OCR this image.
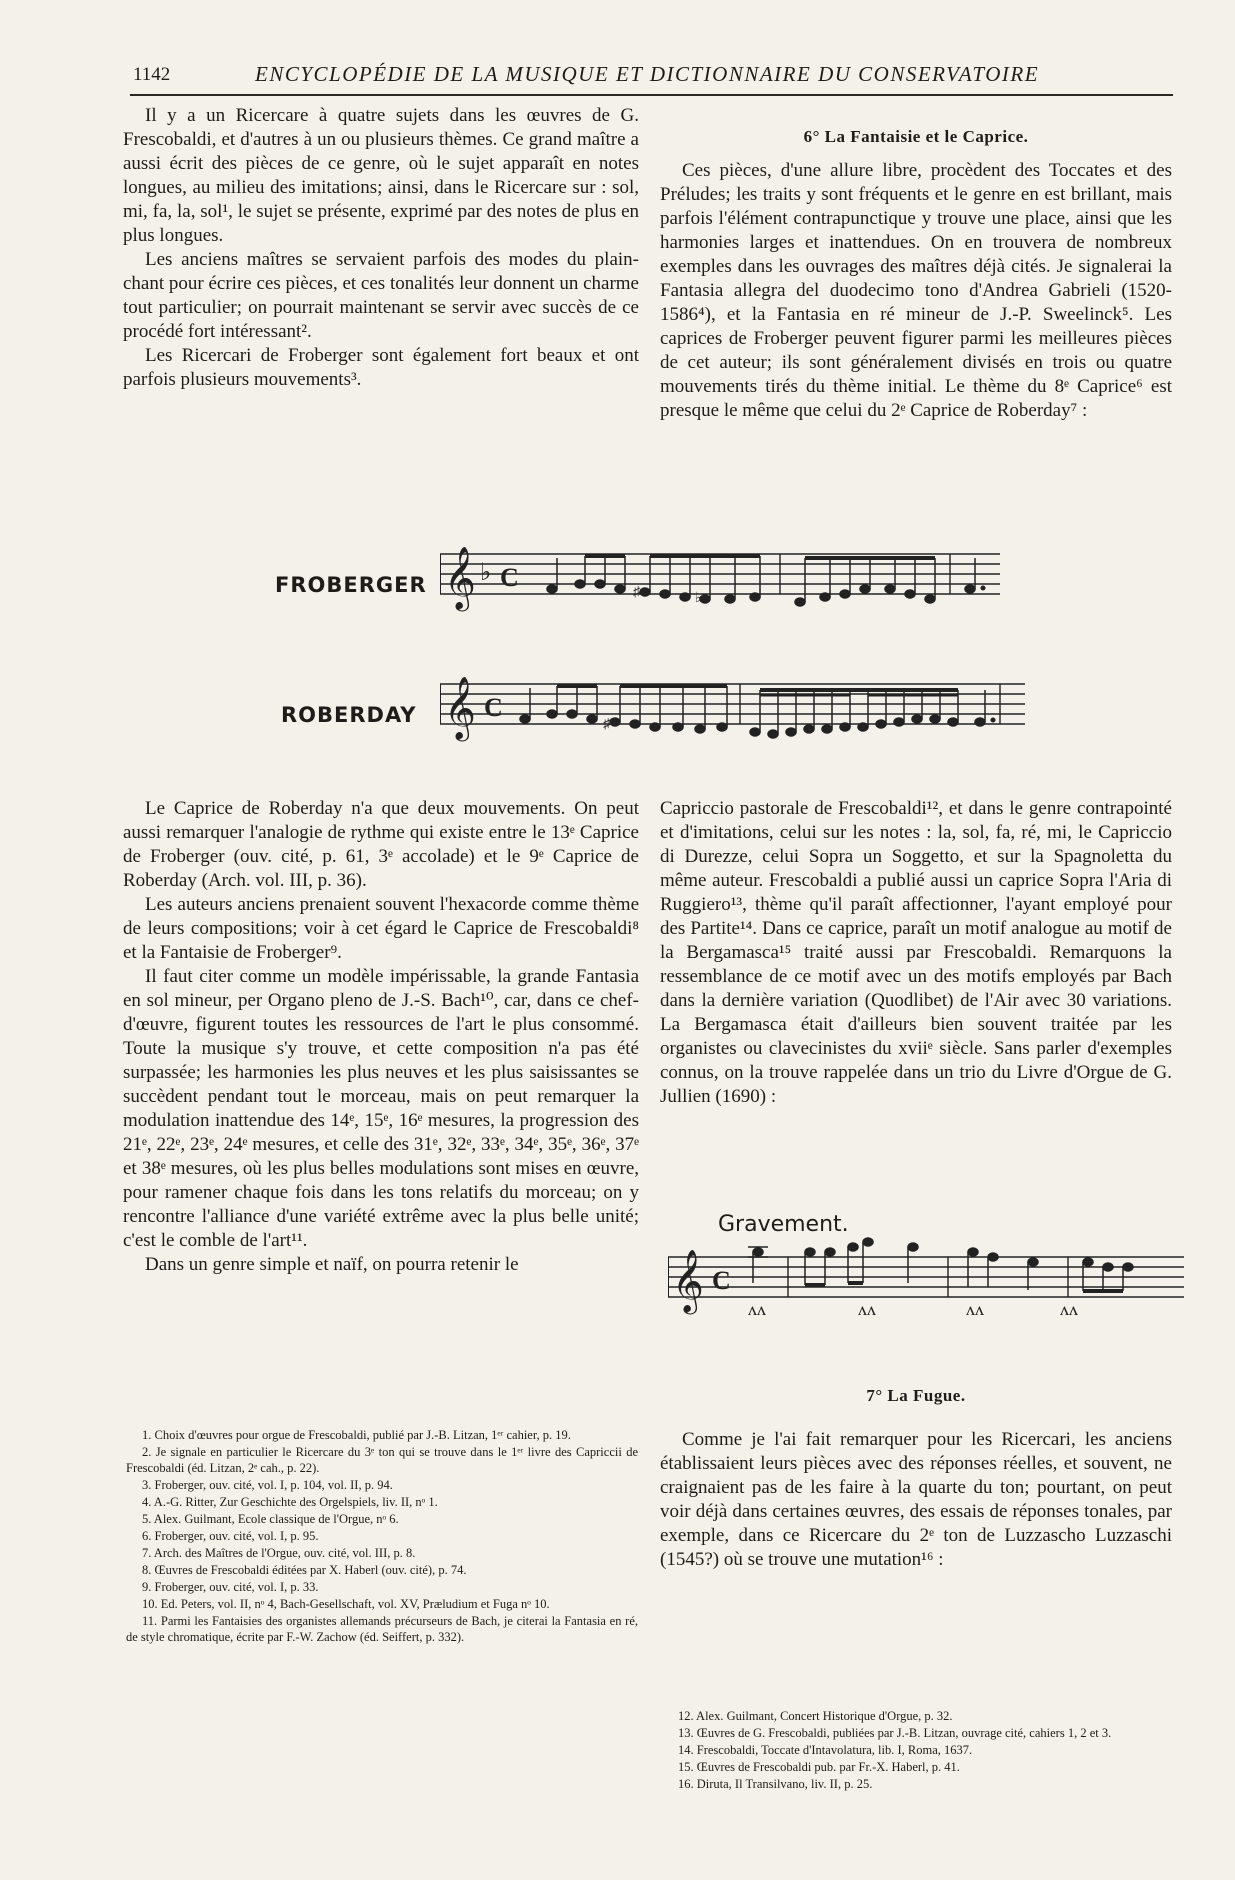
1142	ENCYCLOPÉDIE DE LA MUSIQUE ET DICTIONNAIRE DU CONSERVATOIRE

Il y a un Ricercare à quatre sujets dans les œuvres de G. Frescobaldi, et d'autres à un ou plusieurs thèmes. Ce grand maître a aussi écrit des pièces de ce genre, où le sujet apparaît en notes longues, au milieu des imitations; ainsi, dans le Ricercare sur : sol, mi, fa, la, sol¹, le sujet se présente, exprimé par des notes de plus en plus longues.

Les anciens maîtres se servaient parfois des modes du plain-chant pour écrire ces pièces, et ces tonalités leur donnent un charme tout particulier; on pourrait maintenant se servir avec succès de ce procédé fort intéressant².

Les Ricercari de Froberger sont également fort beaux et ont parfois plusieurs mouvements³.

6° La Fantaisie et le Caprice.

Ces pièces, d'une allure libre, procèdent des Toccates et des Préludes; les traits y sont fréquents et le genre en est brillant, mais parfois l'élément contrapunctique y trouve une place, ainsi que les harmonies larges et inattendues. On en trouvera de nombreux exemples dans les ouvrages des maîtres déjà cités. Je signalerai la Fantasia allegra del duodecimo tono d'Andrea Gabrieli (1520-1586⁴), et la Fantasia en ré mineur de J.-P. Sweelinck⁵. Les caprices de Froberger peuvent figurer parmi les meilleures pièces de cet auteur; ils sont généralement divisés en trois ou quatre mouvements tirés du thème initial. Le thème du 8ᵉ Caprice⁶ est presque le même que celui du 2ᵉ Caprice de Roberday⁷ :

FROBERGER 𝄞 ♭ C
♯	♭
ROBERDAY 𝄞 C
♯

Le Caprice de Roberday n'a que deux mouvements. On peut aussi remarquer l'analogie de rythme qui existe entre le 13ᵉ Caprice de Froberger (ouv. cité, p. 61, 3ᵉ accolade) et le 9ᵉ Caprice de Roberday (Arch. vol. III, p. 36).

Les auteurs anciens prenaient souvent l'hexacorde comme thème de leurs compositions; voir à cet égard le Caprice de Frescobaldi⁸ et la Fantaisie de Froberger⁹.

Il faut citer comme un modèle impérissable, la grande Fantasia en sol mineur, per Organo pleno de J.-S. Bach¹⁰, car, dans ce chef-d'œuvre, figurent toutes les ressources de l'art le plus consommé. Toute la musique s'y trouve, et cette composition n'a pas été surpassée; les harmonies les plus neuves et les plus saisissantes se succèdent pendant tout le morceau, mais on peut remarquer la modulation inattendue des 14ᵉ, 15ᵉ, 16ᵉ mesures, la progression des 21ᵉ, 22ᵉ, 23ᵉ, 24ᵉ mesures, et celle des 31ᵉ, 32ᵉ, 33ᵉ, 34ᵉ, 35ᵉ, 36ᵉ, 37ᵉ et 38ᵉ mesures, où les plus belles modulations sont mises en œuvre, pour ramener chaque fois dans les tons relatifs du morceau; on y rencontre l'alliance d'une variété extrême avec la plus belle unité; c'est le comble de l'art¹¹.

Dans un genre simple et naïf, on pourra retenir le

Capriccio pastorale de Frescobaldi¹², et dans le genre contrapointé et d'imitations, celui sur les notes : la, sol, fa, ré, mi, le Capriccio di Durezze, celui Sopra un Soggetto, et sur la Spagnoletta du même auteur. Frescobaldi a publié aussi un caprice Sopra l'Aria di Ruggiero¹³, thème qu'il paraît affectionner, l'ayant employé pour des Partite¹⁴. Dans ce caprice, paraît un motif analogue au motif de la Bergamasca¹⁵ traité aussi par Frescobaldi. Remarquons la ressemblance de ce motif avec un des motifs employés par Bach dans la dernière variation (Quodlibet) de l'Air avec 30 variations. La Bergamasca était d'ailleurs bien souvent traitée par les organistes ou clavecinistes du xviiᵉ siècle. Sans parler d'exemples connus, on la trouve rappelée dans un trio du Livre d'Orgue de G. Jullien (1690) :

Gravement.
𝄞 C
ʌʌ	ʌʌ	ʌʌ	ʌʌ
7° La Fugue.

Comme je l'ai fait remarquer pour les Ricercari, les anciens établissaient leurs pièces avec des réponses réelles, et souvent, ne craignaient pas de les faire à la quarte du ton; pourtant, on peut voir déjà dans certaines œuvres, des essais de réponses tonales, par exemple, dans ce Ricercare du 2ᵉ ton de Luzzascho Luzzaschi (1545?) où se trouve une mutation¹⁶ :

1. Choix d'œuvres pour orgue de Frescobaldi, publié par J.-B. Litzan, 1ᵉʳ cahier, p. 19.
2. Je signale en particulier le Ricercare du 3ᵉ ton qui se trouve dans le 1ᵉʳ livre des Capriccii de Frescobaldi (éd. Litzan, 2ᵉ cah., p. 22).
3. Froberger, ouv. cité, vol. I, p. 104, vol. II, p. 94.
4. A.-G. Ritter, Zur Geschichte des Orgelspiels, liv. II, nᵒ 1.
5. Alex. Guilmant, Ecole classique de l'Orgue, nᵒ 6.
6. Froberger, ouv. cité, vol. I, p. 95.
7. Arch. des Maîtres de l'Orgue, ouv. cité, vol. III, p. 8.
8. Œuvres de Frescobaldi éditées par X. Haberl (ouv. cité), p. 74.
9. Froberger, ouv. cité, vol. I, p. 33.
10. Ed. Peters, vol. II, nᵒ 4, Bach-Gesellschaft, vol. XV, Præludium et Fuga nᵒ 10.
11. Parmi les Fantaisies des organistes allemands précurseurs de Bach, je citerai la Fantasia en ré, de style chromatique, écrite par F.-W. Zachow (éd. Seiffert, p. 332).
12. Alex. Guilmant, Concert Historique d'Orgue, p. 32.
13. Œuvres de G. Frescobaldi, publiées par J.-B. Litzan, ouvrage cité, cahiers 1, 2 et 3.
14. Frescobaldi, Toccate d'Intavolatura, lib. I, Roma, 1637.
15. Œuvres de Frescobaldi pub. par Fr.-X. Haberl, p. 41.
16. Diruta, Il Transilvano, liv. II, p. 25.
